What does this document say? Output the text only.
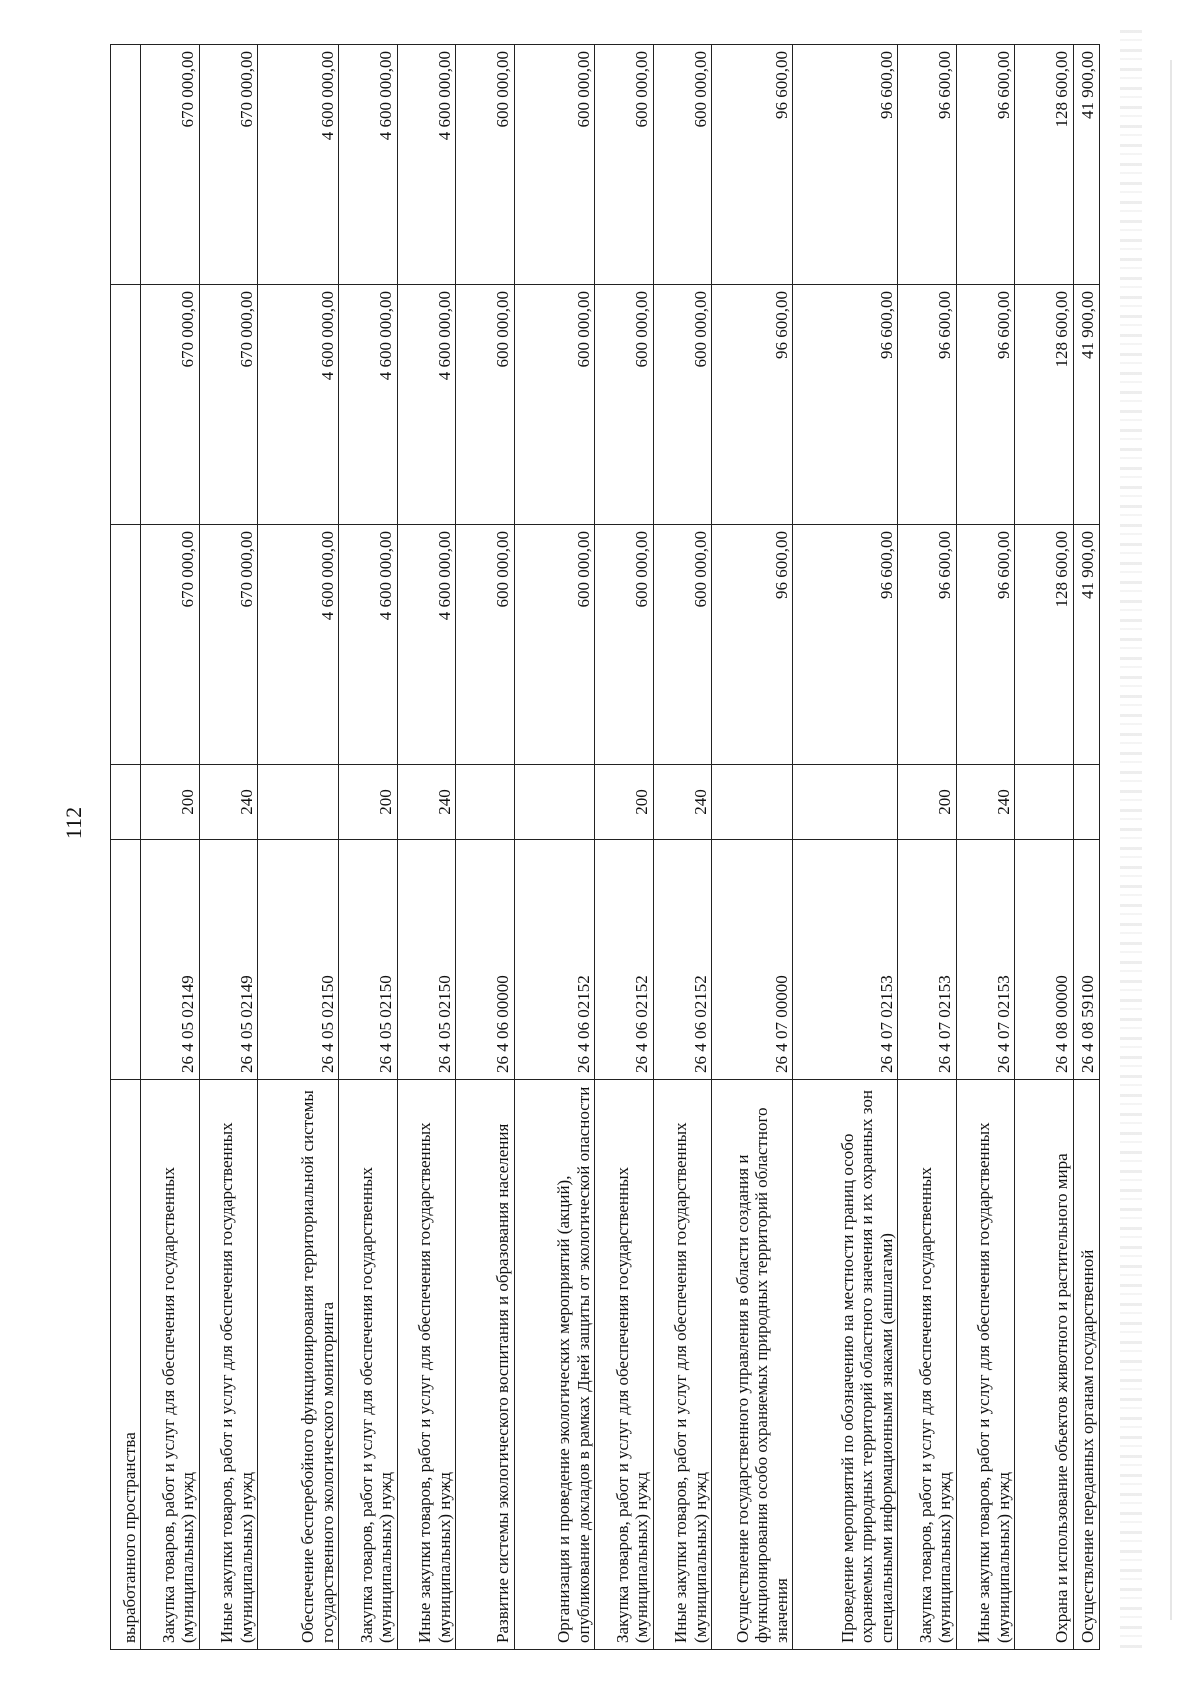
112
выработанного пространства					
Закупка товаров, работ и услуг для обеспечения государственных (муниципальных) нужд	26 4 05 02149	200	670 000,00	670 000,00	670 000,00
Иные закупки товаров, работ и услуг для обеспечения государственных (муниципальных) нужд	26 4 05 02149	240	670 000,00	670 000,00	670 000,00
Обеспечение бесперебойного функционирования территориальной системы государственного экологического мониторинга	26 4 05 02150		4 600 000,00	4 600 000,00	4 600 000,00
Закупка товаров, работ и услуг для обеспечения государственных (муниципальных) нужд	26 4 05 02150	200	4 600 000,00	4 600 000,00	4 600 000,00
Иные закупки товаров, работ и услуг для обеспечения государственных (муниципальных) нужд	26 4 05 02150	240	4 600 000,00	4 600 000,00	4 600 000,00
Развитие системы экологического воспитания и образования населения	26 4 06 00000		600 000,00	600 000,00	600 000,00
Организация и проведение экологических мероприятий (акций), опубликование докладов в рамках Дней защиты от экологической опасности	26 4 06 02152		600 000,00	600 000,00	600 000,00
Закупка товаров, работ и услуг для обеспечения государственных (муниципальных) нужд	26 4 06 02152	200	600 000,00	600 000,00	600 000,00
Иные закупки товаров, работ и услуг для обеспечения государственных (муниципальных) нужд	26 4 06 02152	240	600 000,00	600 000,00	600 000,00
Осуществление государственного управления в области создания и функционирования особо охраняемых природных территорий областного значения	26 4 07 00000		96 600,00	96 600,00	96 600,00
Проведение мероприятий по обозначению на местности границ особо охраняемых природных территорий областного значения и их охранных зон специальными информационными знаками (аншлагами)	26 4 07 02153		96 600,00	96 600,00	96 600,00
Закупка товаров, работ и услуг для обеспечения государственных (муниципальных) нужд	26 4 07 02153	200	96 600,00	96 600,00	96 600,00
Иные закупки товаров, работ и услуг для обеспечения государственных (муниципальных) нужд	26 4 07 02153	240	96 600,00	96 600,00	96 600,00
Охрана и использование объектов животного и растительного мира	26 4 08 00000		128 600,00	128 600,00	128 600,00
Осуществление переданных органам государственной	26 4 08 59100		41 900,00	41 900,00	41 900,00
